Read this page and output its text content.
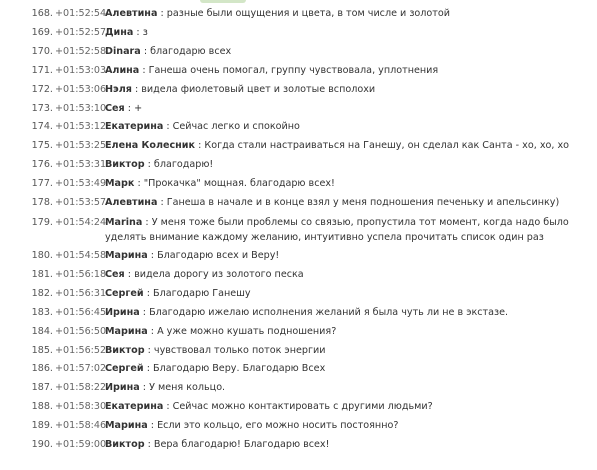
168. +01:52:54
Алевтина : разные были ощущения и цвета, в том числе и золотой
169. +01:52:57
Дина : з
170. +01:52:58
Dinara : благодарю всех
171. +01:53:03
Алина : Ганеша очень помогал, группу чувствовала, уплотнения
172. +01:53:06
Нэля : видела фиолетовый цвет и золотые всполохи
173. +01:53:10
Сея : +
174. +01:53:12
Екатерина : Сейчас легко и спокойно
175. +01:53:25
Елена Колесник : Когда стали настраиваться на Ганешу, он сделал как Санта - хо, хо, хо
176. +01:53:31
Виктор : благодарю!
177. +01:53:49
Марк : "Прокачка" мощная. благодарю всех!
178. +01:53:57
Алевтина : Ганеша в начале и в конце взял у меня подношения печеньку и апельсинку)
179. +01:54:24
Marina : У меня тоже были проблемы со связью, пропустила тот момент, когда надо было уделять внимание каждому желанию, интуитивно успела прочитать список один раз
180. +01:54:58
Марина : Благодарю всех и Веру!
181. +01:56:18
Сея : видела дорогу из золотого песка
182. +01:56:31
Сергей : Благодарю Ганешу
183. +01:56:45
Ирина : Благодарю ижелаю исполнения желаний я была чуть ли не в экстазе.
184. +01:56:50
Марина : А уже можно кушать подношения?
185. +01:56:52
Виктор : чувствовал только поток энергии
186. +01:57:02
Сергей : Благодарю Веру. Благодарю Всех
187. +01:58:22
Ирина : У меня кольцо.
188. +01:58:30
Екатерина : Сейчас можно контактировать с другими людьми?
189. +01:58:46
Марина : Если это кольцо, его можно носить постоянно?
190. +01:59:00
Виктор : Вера благодарю! Благодарю всех!
